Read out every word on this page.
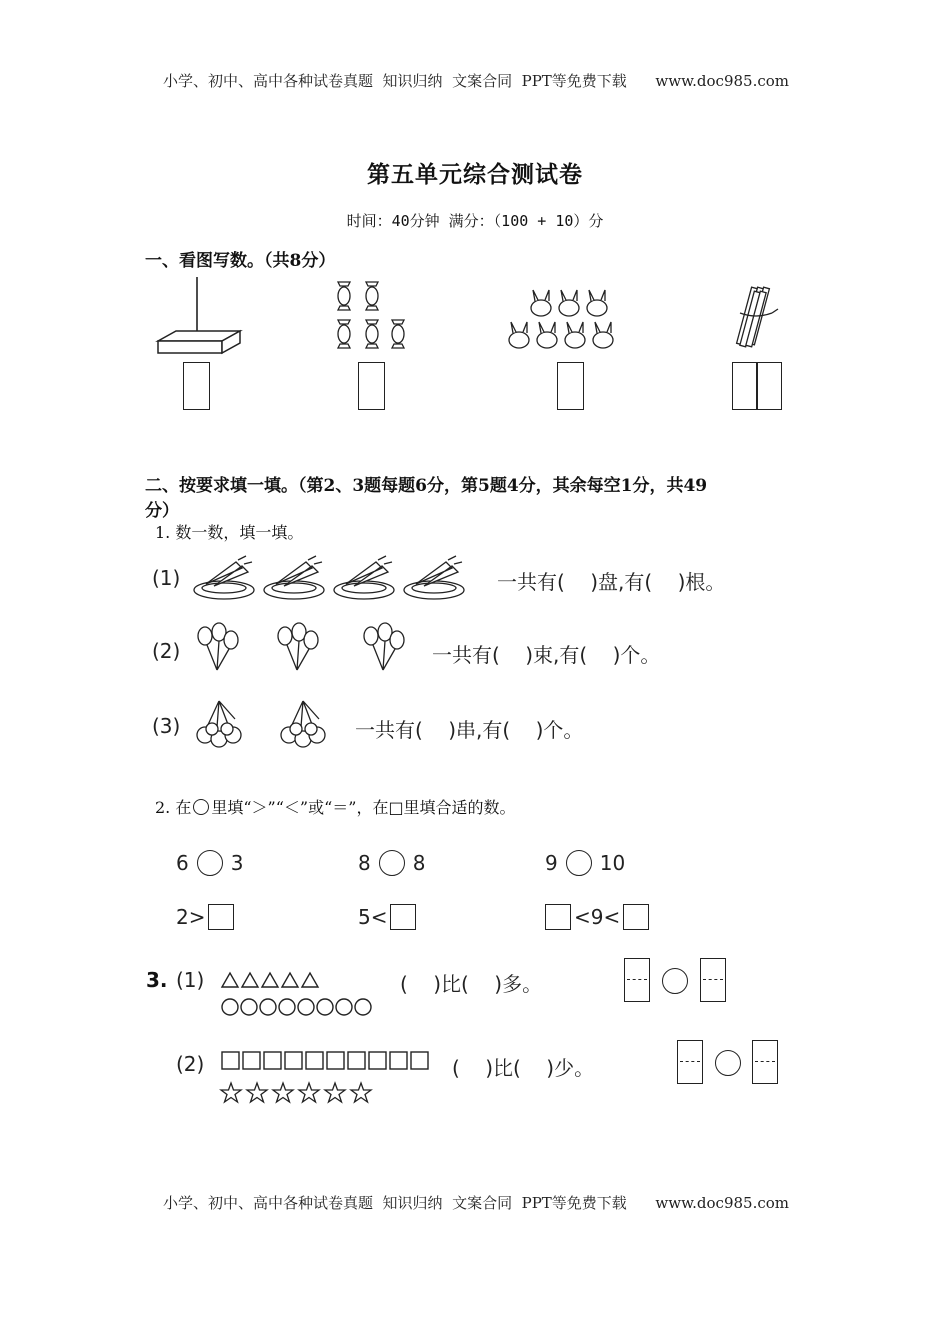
小学、初中、高中各种试卷真题  知识归纳  文案合同  PPT等免费下载      www.doc985.com
第五单元综合测试卷
时间：40分钟 满分：（100 + 10）分
一、看图写数。（共8分）
二、按要求填一填。（第2、3题每题6分，第5题4分，其余每空1分，共49
分）
1. 数一数，填一填。
(1)	一共有(    )盘,有(    )根。
(2)	一共有(    )束,有(    )个。
(3)	一共有(    )串,有(    )个。
2. 在 里填“＞”“＜”或“＝”，在□里填合适的数。
6 3	8 8	9 10
2>	5<	<9<
3. (1)	(    )比(    )多。
(2)	(    )比(    )少。
小学、初中、高中各种试卷真题  知识归纳  文案合同  PPT等免费下载      www.doc985.com
